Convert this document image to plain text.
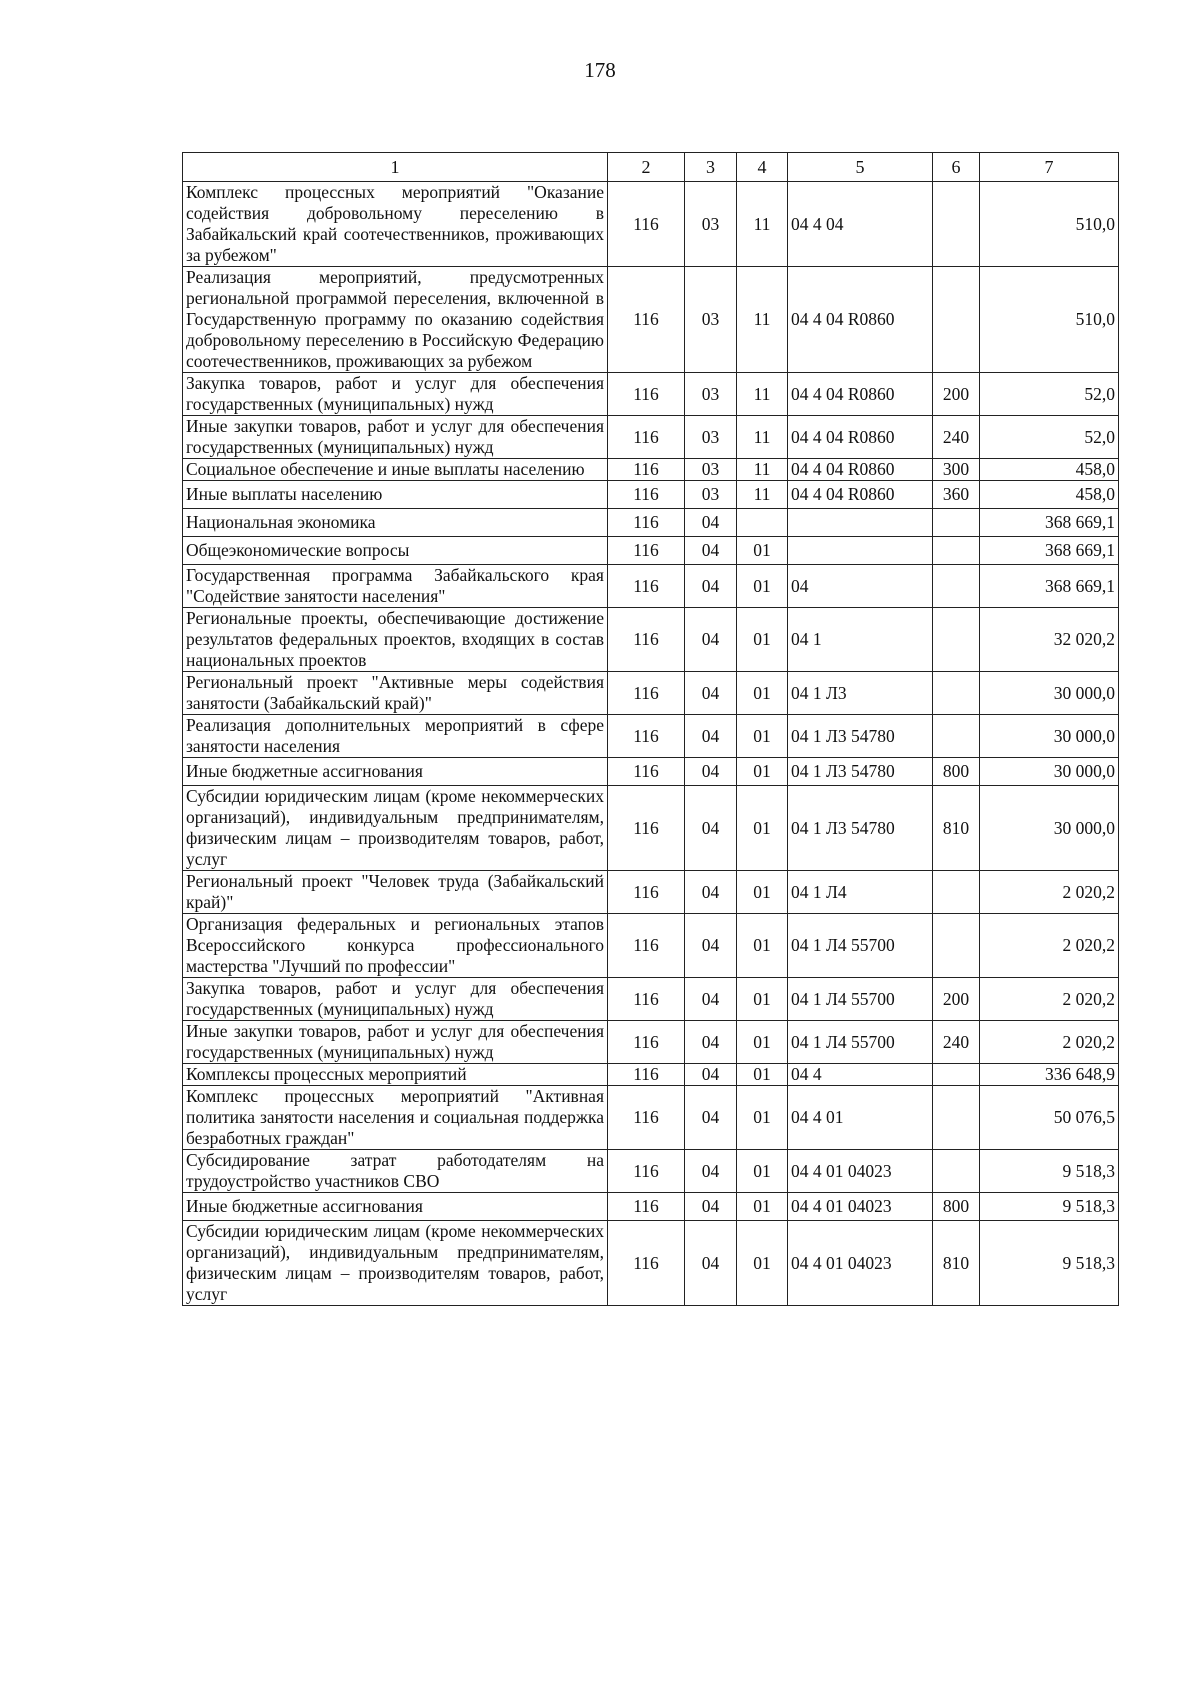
178
1	2	3	4	5	6	7
Комплекс процессных мероприятий "Оказание содействия добровольному переселению в Забайкальский край соотечественников, проживающих за рубежом"	116	03	11	04 4 04		510,0
Реализация мероприятий, предусмотренных региональной программой переселения, включенной в Государственную программу по оказанию содействия добровольному переселению в Российскую Федерацию соотечественников, проживающих за рубежом	116	03	11	04 4 04 R0860		510,0
Закупка товаров, работ и услуг для обеспечения государственных (муниципальных) нужд	116	03	11	04 4 04 R0860	200	52,0
Иные закупки товаров, работ и услуг для обеспечения государственных (муниципальных) нужд	116	03	11	04 4 04 R0860	240	52,0
Социальное обеспечение и иные выплаты населению	116	03	11	04 4 04 R0860	300	458,0
Иные выплаты населению	116	03	11	04 4 04 R0860	360	458,0
Национальная экономика	116	04				368 669,1
Общеэкономические вопросы	116	04	01			368 669,1
Государственная программа Забайкальского края "Содействие занятости населения"	116	04	01	04		368 669,1
Региональные проекты, обеспечивающие достижение результатов федеральных проектов, входящих в состав национальных проектов	116	04	01	04 1		32 020,2
Региональный проект "Активные меры содействия занятости (Забайкальский край)"	116	04	01	04 1 Л3		30 000,0
Реализация дополнительных мероприятий в сфере занятости населения	116	04	01	04 1 Л3 54780		30 000,0
Иные бюджетные ассигнования	116	04	01	04 1 Л3 54780	800	30 000,0
Субсидии юридическим лицам (кроме некоммерческих организаций), индивидуальным предпринимателям, физическим лицам – производителям товаров, работ, услуг	116	04	01	04 1 Л3 54780	810	30 000,0
Региональный проект "Человек труда (Забайкальский край)"	116	04	01	04 1 Л4		2 020,2
Организация федеральных и региональных этапов Всероссийского конкурса профессионального мастерства "Лучший по профессии"	116	04	01	04 1 Л4 55700		2 020,2
Закупка товаров, работ и услуг для обеспечения государственных (муниципальных) нужд	116	04	01	04 1 Л4 55700	200	2 020,2
Иные закупки товаров, работ и услуг для обеспечения государственных (муниципальных) нужд	116	04	01	04 1 Л4 55700	240	2 020,2
Комплексы процессных мероприятий	116	04	01	04 4		336 648,9
Комплекс процессных мероприятий "Активная политика занятости населения и социальная поддержка безработных граждан"	116	04	01	04 4 01		50 076,5
Субсидирование затрат работодателям на трудоустройство участников СВО	116	04	01	04 4 01 04023		9 518,3
Иные бюджетные ассигнования	116	04	01	04 4 01 04023	800	9 518,3
Субсидии юридическим лицам (кроме некоммерческих организаций), индивидуальным предпринимателям, физическим лицам – производителям товаров, работ, услуг	116	04	01	04 4 01 04023	810	9 518,3
